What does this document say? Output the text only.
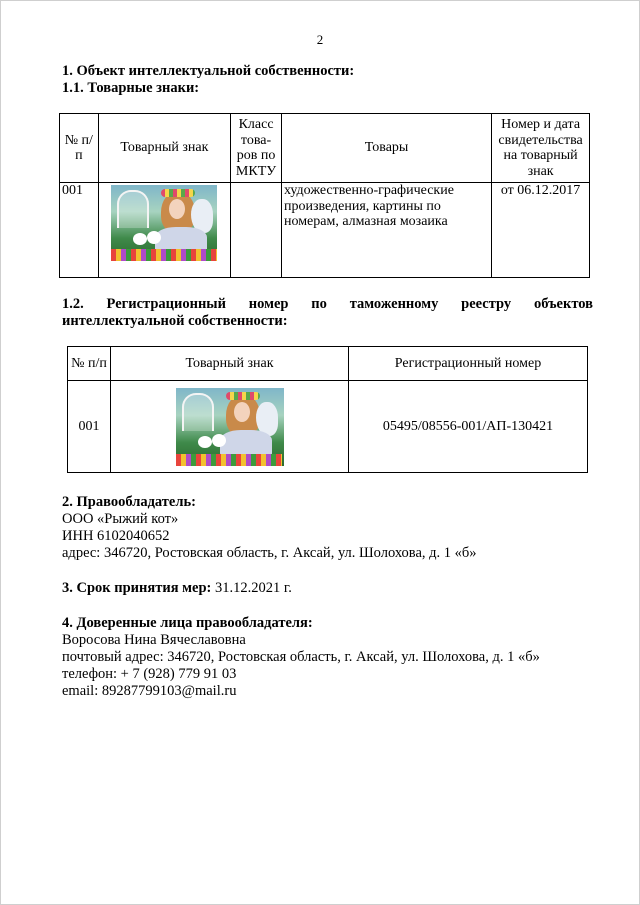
2
1. Объект интеллектуальной собственности:
1.1. Товарные знаки:
№ п/п	Товарный знак	Класс това-ров по МКТУ	Товары	Номер и дата свидетельства на товарный знак
001			художественно-графические произведения, картины по номерам, алмазная мозаика	от 06.12.2017
1.2. Регистрационный номер по таможенному реестру объектов
интеллектуальной собственности:
№ п/п	Товарный знак	Регистрационный номер
001		05495/08556-001/АП-130421
2. Правообладатель:
ООО «Рыжий кот»
ИНН 6102040652
адрес: 346720, Ростовская область, г. Аксай, ул. Шолохова, д. 1 «б»
3. Срок принятия мер: 31.12.2021 г.
4. Доверенные лица правообладателя:
Воросова Нина Вячеславовна
почтовый адрес: 346720, Ростовская область, г. Аксай, ул. Шолохова, д. 1 «б»
телефон: + 7 (928) 779 91 03
email: 89287799103@mail.ru
